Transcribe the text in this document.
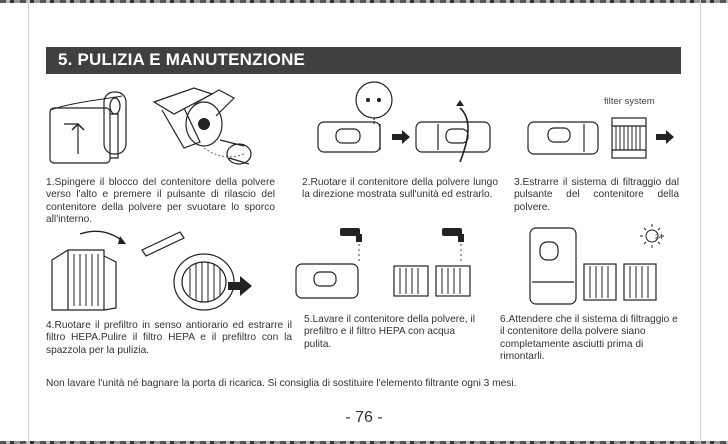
5. PULIZIA E MANUTENZIONE
1.Spingere il blocco del contenitore della polvere verso l'alto e premere il pulsante di rilascio del contenitore della polvere per svuotare lo sporco all'interno.
2.Ruotare il contenitore della polvere lungo la direzione mostrata sull'unità ed estrarlo.
filter system
3.Estrarre il sistema di filtraggio dal pulsante del contenitore della polvere.
4.Ruotare il prefiltro in senso antiorario ed estrarre il filtro HEPA.Pulire il filtro HEPA e il prefiltro con la spazzola per la pulizia.
5.Lavare il contenitore della polvere, il prefiltro e il filtro HEPA con acqua pulita.
24
6.Attendere che il sistema di filtraggio e il contenitore della polvere siano completamente asciutti prima di rimontarli.
Non lavare l'unità né bagnare la porta di ricarica. Si consiglia di sostituire l'elemento filtrante ogni 3 mesi.
- 76 -
